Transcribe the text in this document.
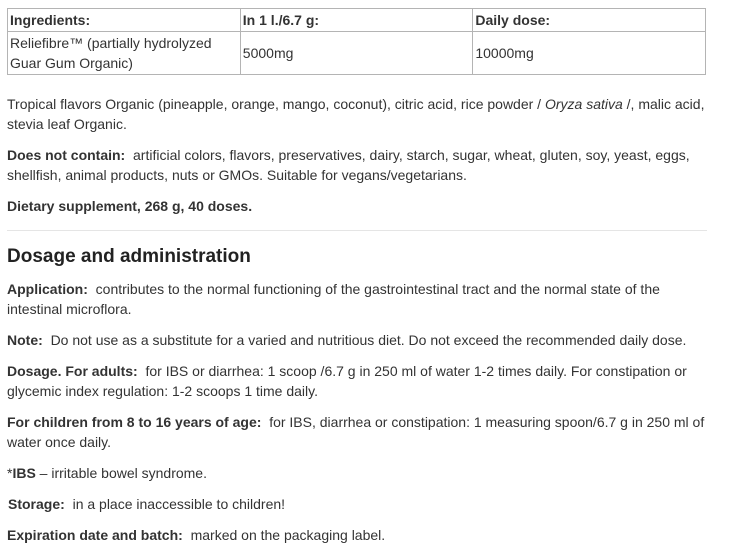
Ingredients:	In 1 l./6.7 g:	Daily dose:
Reliefibre™ (partially hydrolyzed Guar Gum Organic)	5000mg	10000mg

Tropical flavors Organic (pineapple, orange, mango, coconut), citric acid, rice powder / Oryza sativa /, malic acid, stevia leaf Organic.

Does not contain: artificial colors, flavors, preservatives, dairy, starch, sugar, wheat, gluten, soy, yeast, eggs, shellfish, animal products, nuts or GMOs. Suitable for vegans/vegetarians.

Dietary supplement, 268 g, 40 doses.

Dosage and administration

Application: contributes to the normal functioning of the gastrointestinal tract and the normal state of the intestinal microflora.

Note: Do not use as a substitute for a varied and nutritious diet. Do not exceed the recommended daily dose.

Dosage. For adults: for IBS or diarrhea: 1 scoop /6.7 g in 250 ml of water 1-2 times daily. For constipation or glycemic index regulation: 1-2 scoops 1 time daily.

For children from 8 to 16 years of age: for IBS, diarrhea or constipation: 1 measuring spoon/6.7 g in 250 ml of water once daily.

*IBS – irritable bowel syndrome.

Storage: in a place inaccessible to children!

Expiration date and batch: marked on the packaging label.
